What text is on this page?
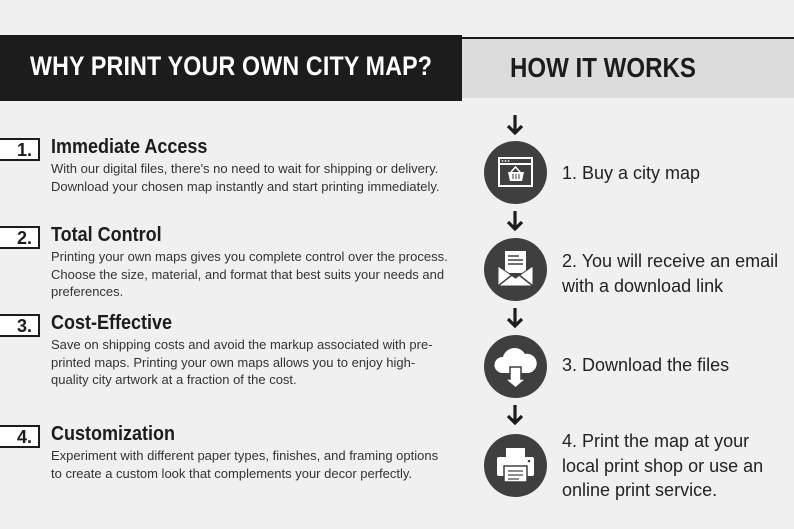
WHY PRINT YOUR OWN CITY MAP?	HOW IT WORKS
1. Immediate Access

With our digital files, there's no need to wait for shipping or delivery. Download your chosen map instantly and start printing immediately.

2. Total Control

Printing your own maps gives you complete control over the process. Choose the size, material, and format that best suits your needs and preferences.

3. Cost-Effective

Save on shipping costs and avoid the markup associated with pre-printed maps. Printing your own maps allows you to enjoy high-quality city artwork at a fraction of the cost.

4. Customization

Experiment with different paper types, finishes, and framing options to create a custom look that complements your decor perfectly.

1. Buy a city map
2. You will receive an email with a download link
3. Download the files
4. Print the map at your local print shop or use an online print service.
